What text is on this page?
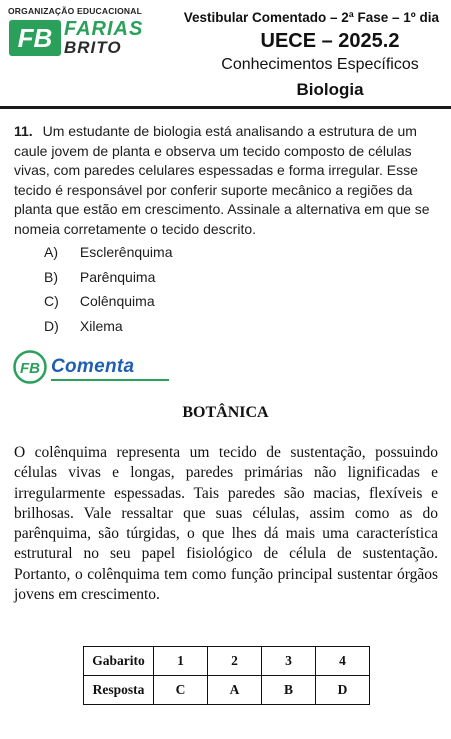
ORGANIZAÇÃO EDUCACIONAL
FB FARIAS
BRITO
Vestibular Comentado – 2ª Fase – 1º dia
UECE – 2025.2
Conhecimentos Específicos
Biologia
11. Um estudante de biologia está analisando a estrutura de um caule jovem de planta e observa um tecido composto de células vivas, com paredes celulares espessadas e forma irregular. Esse tecido é responsável por conferir suporte mecânico a regiões da planta que estão em crescimento. Assinale a alternativa em que se nomeia corretamente o tecido descrito.
A) Esclerênquima
B) Parênquima
C) Colênquima
D) Xilema
FB Comenta
BOTÂNICA
O colênquima representa um tecido de sustentação, possuindo células vivas e longas, paredes primárias não lignificadas e irregularmente espessadas. Tais paredes são macias, flexíveis e brilhosas. Vale ressaltar que suas células, assim como as do parênquima, são túrgidas, o que lhes dá mais uma característica estrutural no seu papel fisiológico de célula de sustentação. Portanto, o colênquima tem como função principal sustentar órgãos jovens em crescimento.
Gabarito	1	2	3	4
Resposta	C	A	B	D
